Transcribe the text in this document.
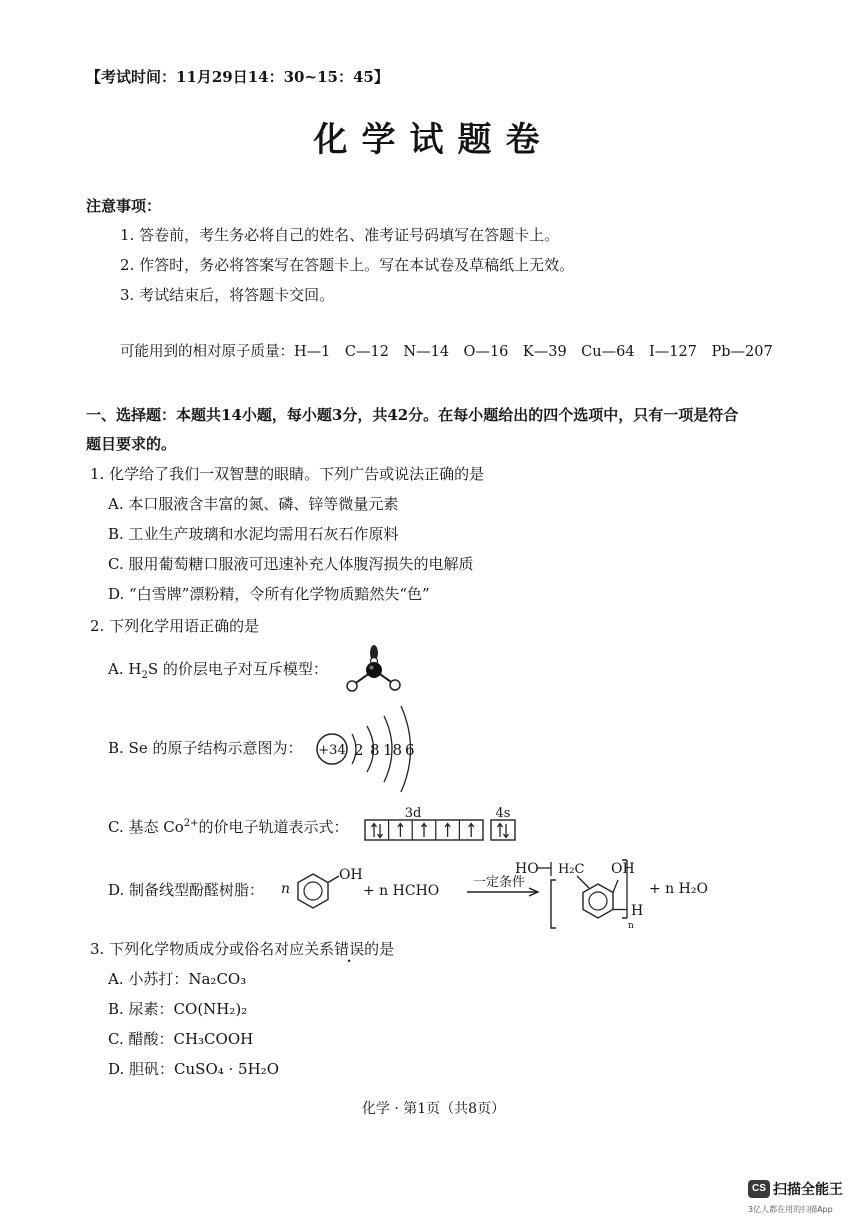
【考试时间：11月29日14：30~15：45】
化学试题卷
注意事项：
1. 答卷前，考生务必将自己的姓名、准考证号码填写在答题卡上。
2. 作答时，务必将答案写在答题卡上。写在本试卷及草稿纸上无效。
3. 考试结束后，将答题卡交回。
可能用到的相对原子质量：H—1　C—12　N—14　O—16　K—39　Cu—64　I—127　Pb—207
一、选择题：本题共14小题，每小题3分，共42分。在每小题给出的四个选项中，只有一项是符合
题目要求的。
1. 化学给了我们一双智慧的眼睛。下列广告或说法正确的是
A. 本口服液含丰富的氮、磷、锌等微量元素
B. 工业生产玻璃和水泥均需用石灰石作原料
C. 服用葡萄糖口服液可迅速补充人体腹泻损失的电解质
D. “白雪牌”漂粉精，令所有化学物质黯然失“色”
2. 下列化学用语正确的是
A. $H_2S$ 的价层电子对互斥模型：
B. Se 的原子结构示意图为： +34 2 8 18 6
C. 基态 $Co^{2+}$的价电子轨道表示式：
3d	4s
D. 制备线型酚醛树脂： n
OH
+ n HCHO
一定条件
HO H₂C OH
H
n
+ n H₂O
3. 下列化学物质成分或俗名对应关系错误的是
A. 小苏打：Na₂CO₃
B. 尿素：CO(NH₂)₂
C. 醋酸：CH₃COOH
D. 胆矾：CuSO₄ · 5H₂O
化学 · 第1页（共8页）
CS 扫描全能王
3亿人都在用的扫描App
